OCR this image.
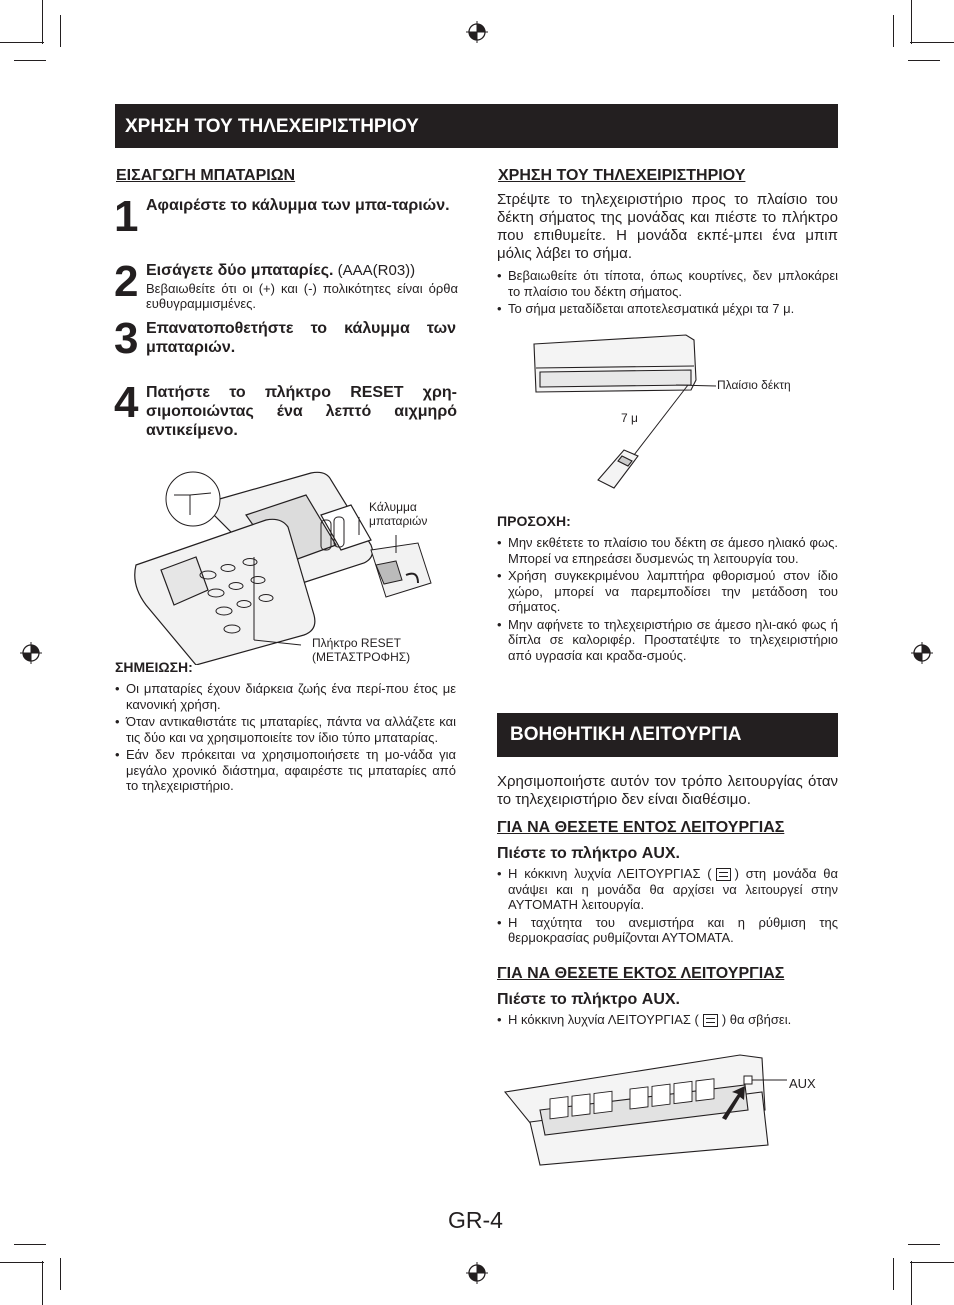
ΧΡΗΣΗ ΤΟΥ ΤΗΛΕΧΕΙΡΙΣΤΗΡΙΟΥ
ΕΙΣΑΓΩΓΗ ΜΠΑΤΑΡΙΩΝ
1 Αφαιρέστε το κάλυμμα των μπα-ταριών.
2 Εισάγετε δύο μπαταρίες. (AAA(R03))
Βεβαιωθείτε ότι οι (+) και (-) πολικότητες είναι όρθα ευθυγραμμισμένες.
3 Επανατοποθετήστε το κάλυμμα των μπαταριών.
4 Πατήστε το πλήκτρο RESET χρη-σιμοποιώντας ένα λεπτό αιχμηρό αντικείμενο.
Κάλυμμα
μπαταριών
Πλήκτρο RESET
(ΜΕΤΑΣΤΡΟΦΗΣ)
ΣΗΜΕΙΩΣΗ:
• Οι μπαταρίες έχουν διάρκεια ζωής ένα περί-που έτος με κανονική χρήση.
• Όταν αντικαθιστάτε τις μπαταρίες, πάντα να αλλάζετε και τις δύο και να χρησιμοποιείτε τον ίδιο τύπο μπαταρίας.
• Εάν δεν πρόκειται να χρησιμοποιήσετε τη μο-νάδα για μεγάλο χρονικό διάστημα, αφαιρέστε τις μπαταρίες από το τηλεχειριστήριο.
ΧΡΗΣΗ ΤΟΥ ΤΗΛΕΧΕΙΡΙΣΤΗΡΙΟΥ
Στρέψτε το τηλεχειριστήριο προς το πλαίσιο του δέκτη σήματος της μονάδας και πιέστε το πλήκτρο που επιθυμείτε. Η μονάδα εκπέ-μπει ένα μπιπ μόλις λάβει το σήμα.
• Βεβαιωθείτε ότι τίποτα, όπως κουρτίνες, δεν μπλοκάρει το πλαίσιο του δέκτη σήματος.
• Το σήμα μεταδίδεται αποτελεσματικά μέχρι τα 7 μ.
Πλαίσιο δέκτη
7 μ
ΠΡΟΣΟΧΗ:
• Μην εκθέτετε το πλαίσιο του δέκτη σε άμεσο ηλιακό φως. Μπορεί να επηρεάσει δυσμενώς τη λειτουργία του.
• Χρήση συγκεκριμένου λαμπτήρα φθορισμού στον ίδιο χώρο, μπορεί να παρεμποδίσει την μετάδοση του σήματος.
• Μην αφήνετε το τηλεχειριστήριο σε άμεσο ηλι-ακό φως ή δίπλα σε καλοριφέρ. Προστατέψτε το τηλεχειριστήριο από υγρασία και κραδα-σμούς.
ΒΟΗΘΗΤΙΚΗ ΛΕΙΤΟΥΡΓΙΑ
Χρησιμοποιήστε αυτόν τον τρόπο λειτουργίας όταν το τηλεχειριστήριο δεν είναι διαθέσιμο.
ΓΙΑ ΝΑ ΘΕΣΕΤΕ ΕΝΤΟΣ ΛΕΙΤΟΥΡΓΙΑΣ
Πιέστε το πλήκτρο AUX.
• Η κόκκινη λυχνία ΛΕΙΤΟΥΡΓΙΑΣ ( ) στη μονάδα θα ανάψει και η μονάδα θα αρχίσει να λειτουργεί στην ΑΥΤΟΜΑΤΗ λειτουργία.
• Η ταχύτητα του ανεμιστήρα και η ρύθμιση της θερμοκρασίας ρυθμίζονται ΑΥΤΟΜΑΤΑ.
ΓΙΑ ΝΑ ΘΕΣΕΤΕ ΕΚΤΟΣ ΛΕΙΤΟΥΡΓΙΑΣ
Πιέστε το πλήκτρο AUX.
• Η κόκκινη λυχνία ΛΕΙΤΟΥΡΓΙΑΣ ( ) θα σβήσει.
AUX
GR-4
